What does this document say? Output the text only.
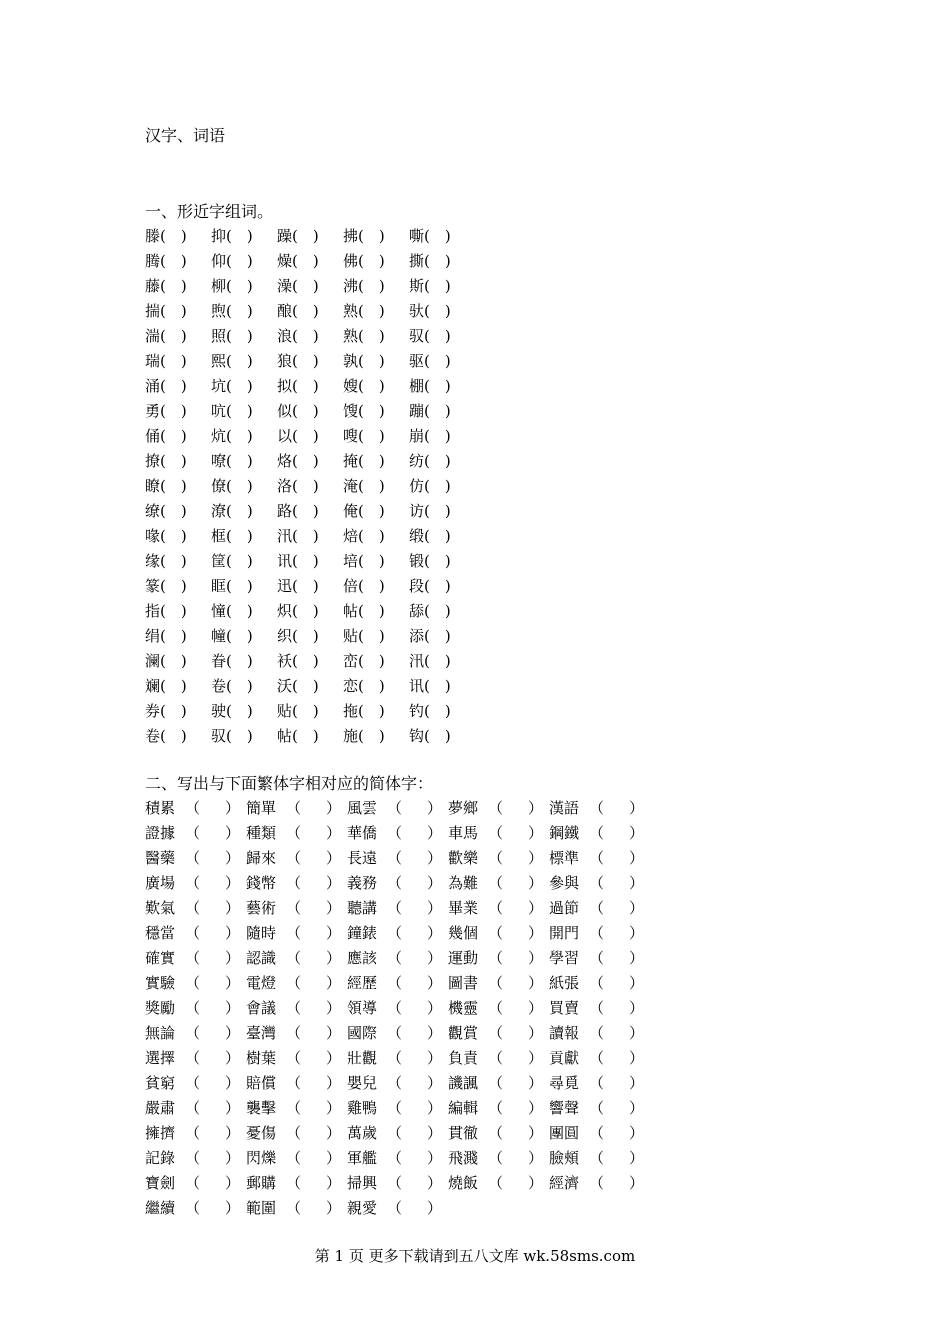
汉字、词语
一、形近字组词。
滕(　)	抑(　)	躁(　)	拂(　)	嘶(　)
腾(　)	仰(　)	燥(　)	佛(　)	撕(　)
藤(　)	柳(　)	澡(　)	沸(　)	斯(　)
揣(　)	煦(　)	酿(　)	熟(　)	驮(　)
湍(　)	照(　)	浪(　)	熟(　)	驭(　)
瑞(　)	熙(　)	狼(　)	孰(　)	驱(　)
涌(　)	坑(　)	拟(　)	嫂(　)	棚(　)
勇(　)	吭(　)	似(　)	馊(　)	蹦(　)
俑(　)	炕(　)	以(　)	嗖(　)	崩(　)
撩(　)	嘹(　)	烙(　)	掩(　)	纺(　)
瞭(　)	僚(　)	洛(　)	淹(　)	仿(　)
缭(　)	潦(　)	路(　)	俺(　)	访(　)
喙(　)	框(　)	汛(　)	焙(　)	缎(　)
缘(　)	筐(　)	讯(　)	培(　)	锻(　)
篆(　)	眶(　)	迅(　)	倍(　)	段(　)
指(　)	憧(　)	炽(　)	帖(　)	舔(　)
绢(　)	幢(　)	织(　)	贴(　)	添(　)
澜(　)	眷(　)	袄(　)	峦(　)	汛(　)
斓(　)	卷(　)	沃(　)	恋(　)	讯(　)
券(　)	驶(　)	贴(　)	拖(　)	钓(　)
卷(　)	驭(　)	帖(　)	施(　)	钩(　)
二、写出与下面繁体字相对应的简体字：
積累 （ ） 簡單 （ ） 風雲 （ ） 夢鄉 （ ） 漢語 （ ）
證據 （ ） 種類 （ ） 華僑 （ ） 車馬 （ ） 鋼鐵 （ ）
醫藥 （ ） 歸來 （ ） 長遠 （ ） 歡樂 （ ） 標準 （ ）
廣場 （ ） 錢幣 （ ） 義務 （ ） 為難 （ ） 參與 （ ）
歎氣 （ ） 藝術 （ ） 聽講 （ ） 畢業 （ ） 過節 （ ）
穩當 （ ） 隨時 （ ） 鐘錶 （ ） 幾個 （ ） 開門 （ ）
確實 （ ） 認識 （ ） 應該 （ ） 運動 （ ） 學習 （ ）
實驗 （ ） 電燈 （ ） 經歷 （ ） 圖書 （ ） 紙張 （ ）
獎勵 （ ） 會議 （ ） 領導 （ ） 機靈 （ ） 買賣 （ ）
無論 （ ） 臺灣 （ ） 國際 （ ） 觀賞 （ ） 讀報 （ ）
選擇 （ ） 樹葉 （ ） 壯觀 （ ） 負責 （ ） 貢獻 （ ）
貧窮 （ ） 賠償 （ ） 嬰兒 （ ） 譏諷 （ ） 尋覓 （ ）
嚴肅 （ ） 襲擊 （ ） 雞鴨 （ ） 編輯 （ ） 響聲 （ ）
擁擠 （ ） 憂傷 （ ） 萬歲 （ ） 貫徹 （ ） 團圓 （ ）
記錄 （ ） 閃爍 （ ） 軍艦 （ ） 飛濺 （ ） 臉頰 （ ）
寶劍 （ ） 郵購 （ ） 掃興 （ ） 燒飯 （ ） 經濟 （ ）
繼續 （ ） 範圍 （ ） 親愛 （ ）
第 1 页 更多下载请到五八文库 wk.58sms.com
